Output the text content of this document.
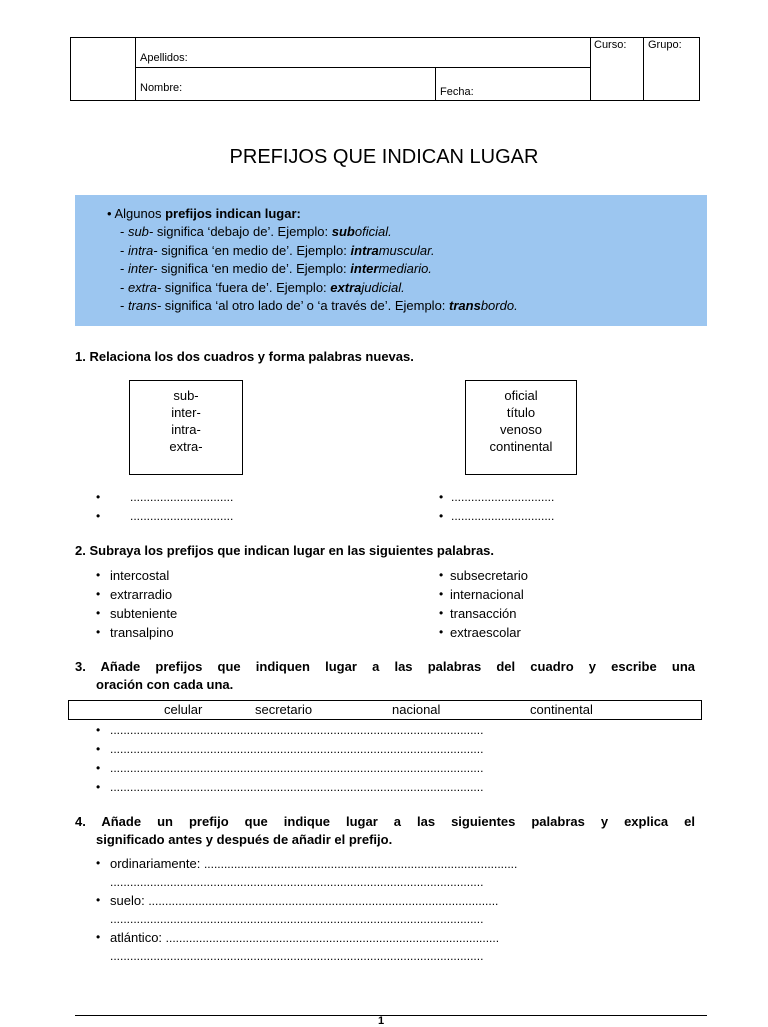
Apellidos:
Nombre:	Fecha:
Curso: Grupo:
PREFIJOS QUE INDICAN LUGAR
• Algunos prefijos indican lugar:
- sub- significa ‘debajo de’. Ejemplo: suboficial.
- intra- significa ‘en medio de’. Ejemplo: intramuscular.
- inter- significa ‘en medio de’. Ejemplo: intermediario.
- extra- significa ‘fuera de’. Ejemplo: extrajudicial.
- trans- significa ‘al otro lado de’ o ‘a través de’. Ejemplo: transbordo.
1. Relaciona los dos cuadros y forma palabras nuevas.
sub-
inter-
intra-
extra-
oficial
título
venoso
continental
• ...............................
• ...............................
• ...............................
• ...............................
2. Subraya los prefijos que indican lugar en las siguientes palabras.
• intercostal
• extrarradio
• subteniente
• transalpino
• subsecretario
• internacional
• transacción
• extraescolar
3. Añade prefijos que indiquen lugar a las palabras del cuadro y escribe una
oración con cada una.
celular	secretario	nacional	continental
• ................................................................................................................
• ................................................................................................................
• ................................................................................................................
• ................................................................................................................
4. Añade un prefijo que indique lugar a las siguientes palabras y explica el
significado antes y después de añadir el prefijo.
• ordinariamente: ..............................................................................................
................................................................................................................
• suelo: .........................................................................................................
................................................................................................................
• atlántico: ....................................................................................................
................................................................................................................
1
